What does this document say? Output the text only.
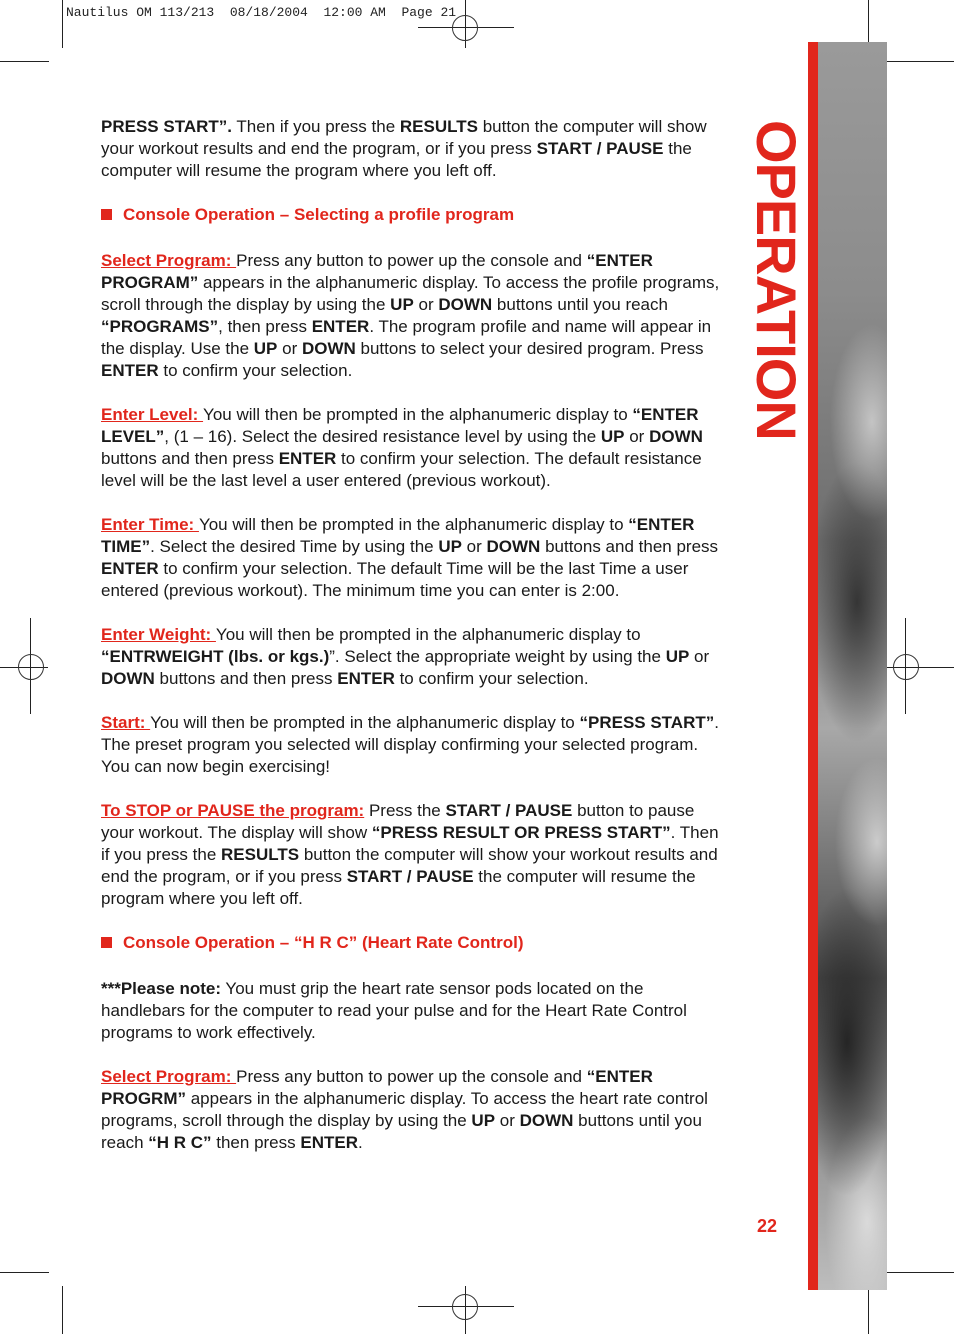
Nautilus OM 113/213  08/18/2004  12:00 AM  Page 21
OPERATION

PRESS START”. Then if you press the RESULTS button the computer will show your workout results and end the program, or if you press START / PAUSE the computer will resume the program where you left off.

Console Operation – Selecting a profile program

Select Program: Press any button to power up the console and “ENTER PROGRAM” appears in the alphanumeric display. To access the profile programs, scroll through the display by using the UP or DOWN buttons until you reach “PROGRAMS”, then press ENTER. The program profile and name will appear in the display. Use the UP or DOWN buttons to select your desired program. Press ENTER to confirm your selection.

Enter Level: You will then be prompted in the alphanumeric display to “ENTER LEVEL”, (1 – 16). Select the desired resistance level by using the UP or DOWN buttons and then press ENTER to confirm your selection. The default resistance level will be the last level a user entered (previous workout).

Enter Time: You will then be prompted in the alphanumeric display to “ENTER TIME”. Select the desired Time by using the UP or DOWN buttons and then press ENTER to confirm your selection. The default Time will be the last Time a user entered (previous workout). The minimum time you can enter is 2:00.

Enter Weight: You will then be prompted in the alphanumeric display to “ENTRWEIGHT (lbs. or kgs.)”. Select the appropriate weight by using the UP or DOWN buttons and then press ENTER to confirm your selection.

Start: You will then be prompted in the alphanumeric display to “PRESS START”. The preset program you selected will display confirming your selected program. You can now begin exercising!

To STOP or PAUSE the program: Press the START / PAUSE button to pause your workout. The display will show “PRESS RESULT OR PRESS START”. Then if you press the RESULTS button the computer will show your workout results and end the program, or if you press START / PAUSE the computer will resume the program where you left off.

Console Operation – “H R C” (Heart Rate Control)

***Please note: You must grip the heart rate sensor pods located on the handlebars for the computer to read your pulse and for the Heart Rate Control programs to work effectively.

Select Program: Press any button to power up the console and “ENTER PROGRM” appears in the alphanumeric display. To access the heart rate control programs, scroll through the display by using the UP or DOWN buttons until you reach “H R C” then press ENTER.

22
